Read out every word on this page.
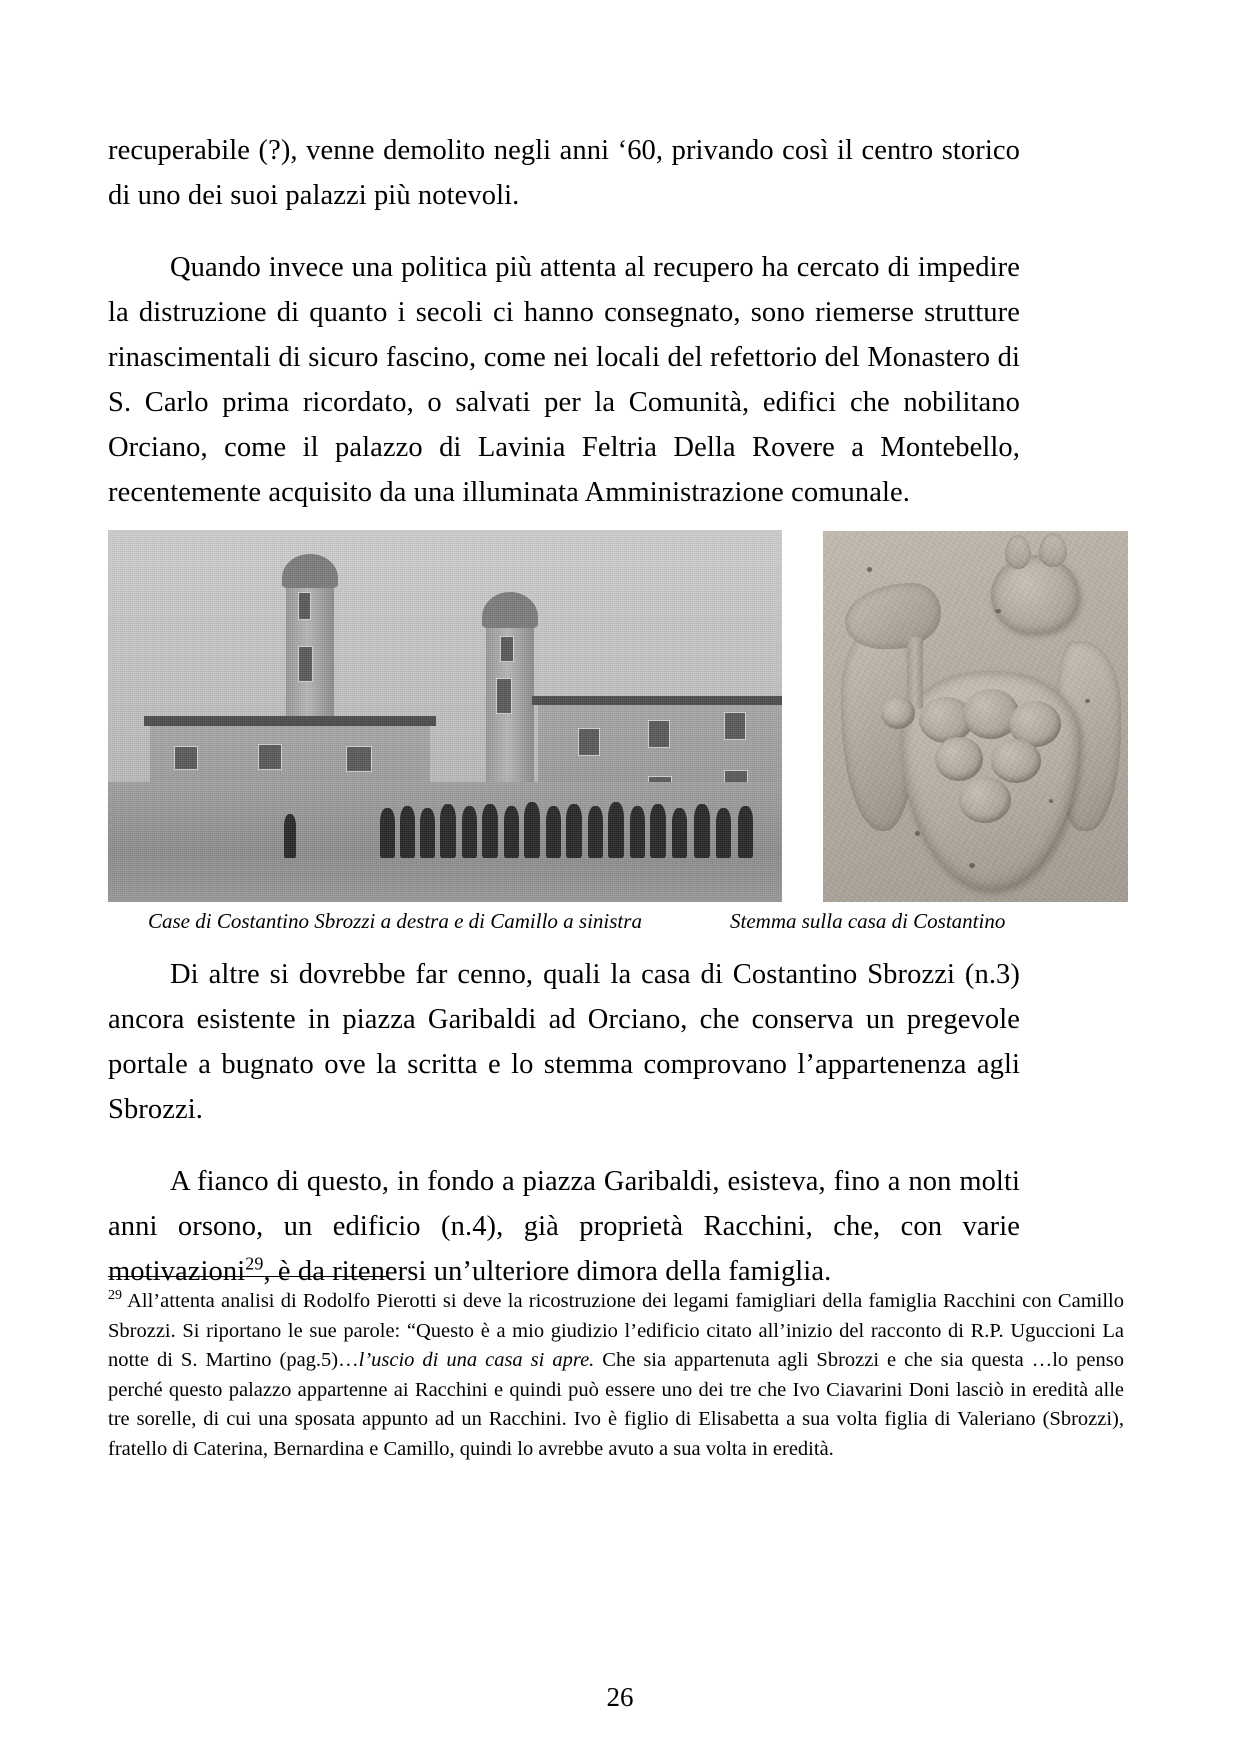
recuperabile (?), venne demolito negli anni ‘60, privando così il centro storico di uno dei suoi palazzi più notevoli.

Quando invece una politica più attenta al recupero ha cercato di impedire la distruzione di quanto i secoli ci hanno consegnato, sono riemerse strutture rinascimentali di sicuro fascino, come nei locali del refettorio del Monastero di S. Carlo prima ricordato, o salvati per la Comunità, edifici che nobilitano Orciano, come il palazzo di Lavinia Feltria Della Rovere a Montebello, recentemente acquisito da una illuminata Amministrazione comunale.

Case di Costantino Sbrozzi a destra e di Camillo a sinistra	Stemma sulla casa di Costantino

Di altre si dovrebbe far cenno, quali la casa di Costantino Sbrozzi (n.3) ancora esistente in piazza Garibaldi ad Orciano, che conserva un pregevole portale a bugnato ove la scritta e lo stemma comprovano l’appartenenza agli Sbrozzi.

A fianco di questo, in fondo a piazza Garibaldi, esisteva, fino a non molti anni orsono, un edificio (n.4), già proprietà Racchini, che, con varie motivazioni$^{29}$, è da ritenersi un’ulteriore dimora della famiglia.

$^{29}$ All’attenta analisi di Rodolfo Pierotti si deve la ricostruzione dei legami famigliari della famiglia Racchini con Camillo Sbrozzi. Si riportano le sue parole: “Questo è a mio giudizio l’edificio citato all’inizio del racconto di R.P. Uguccioni La notte di S. Martino (pag.5)…l’uscio di una casa si apre. Che sia appartenuta agli Sbrozzi e che sia questa …lo penso perché questo palazzo appartenne ai Racchini e quindi può essere uno dei tre che Ivo Ciavarini Doni lasciò in eredità alle tre sorelle, di cui una sposata appunto ad un Racchini. Ivo è figlio di Elisabetta a sua volta figlia di Valeriano (Sbrozzi), fratello di Caterina, Bernardina e Camillo, quindi lo avrebbe avuto a sua volta in eredità.

26
